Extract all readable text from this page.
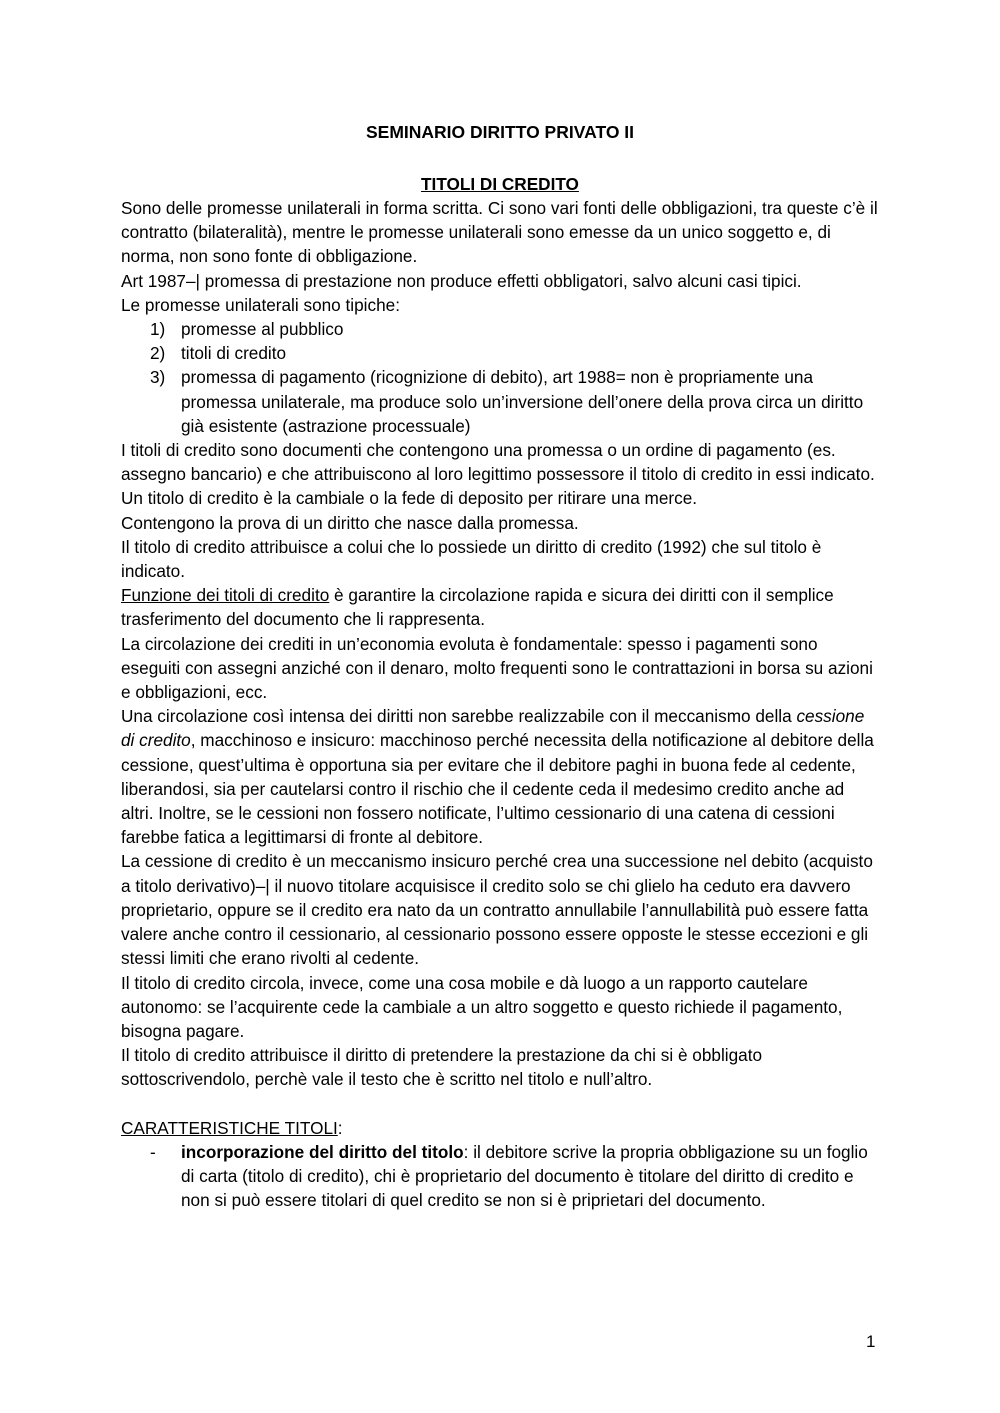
SEMINARIO DIRITTO PRIVATO II
TITOLI DI CREDITO

Sono delle promesse unilaterali in forma scritta. Ci sono vari fonti delle obbligazioni, tra queste c’è il contratto (bilateralità), mentre le promesse unilaterali sono emesse da un unico soggetto e, di norma, non sono fonte di obbligazione.

Art 1987–| promessa di prestazione non produce effetti obbligatori, salvo alcuni casi tipici.

Le promesse unilaterali sono tipiche:

1) promesse al pubblico
2) titoli di credito
3) promessa di pagamento (ricognizione di debito), art 1988= non è propriamente una promessa unilaterale, ma produce solo un’inversione dell’onere della prova circa un diritto già esistente (astrazione processuale)

I titoli di credito sono documenti che contengono una promessa o un ordine di pagamento (es. assegno bancario) e che attribuiscono al loro legittimo possessore il titolo di credito in essi indicato.

Un titolo di credito è la cambiale o la fede di deposito per ritirare una merce.

Contengono la prova di un diritto che nasce dalla promessa.

Il titolo di credito attribuisce a colui che lo possiede un diritto di credito (1992) che sul titolo è indicato.

Funzione dei titoli di credito è garantire la circolazione rapida e sicura dei diritti con il semplice trasferimento del documento che li rappresenta.

La circolazione dei crediti in un’economia evoluta è fondamentale: spesso i pagamenti sono eseguiti con assegni anziché con il denaro, molto frequenti sono le contrattazioni in borsa su azioni e obbligazioni, ecc.

Una circolazione così intensa dei diritti non sarebbe realizzabile con il meccanismo della cessione di credito, macchinoso e insicuro: macchinoso perché necessita della notificazione al debitore della cessione, quest’ultima è opportuna sia per evitare che il debitore paghi in buona fede al cedente, liberandosi, sia per cautelarsi contro il rischio che il cedente ceda il medesimo credito anche ad altri. Inoltre, se le cessioni non fossero notificate, l’ultimo cessionario di una catena di cessioni farebbe fatica a legittimarsi di fronte al debitore.

La cessione di credito è un meccanismo insicuro perché crea una successione nel debito (acquisto a titolo derivativo)–| il nuovo titolare acquisisce il credito solo se chi glielo ha ceduto era davvero proprietario, oppure se il credito era nato da un contratto annullabile l’annullabilità può essere fatta valere anche contro il cessionario, al cessionario possono essere opposte le stesse eccezioni e gli stessi limiti che erano rivolti al cedente.

Il titolo di credito circola, invece, come una cosa mobile e dà luogo a un rapporto cautelare autonomo: se l’acquirente cede la cambiale a un altro soggetto e questo richiede il pagamento, bisogna pagare.

Il titolo di credito attribuisce il diritto di pretendere la prestazione da chi si è obbligato sottoscrivendolo, perchè vale il testo che è scritto nel titolo e null’altro.

CARATTERISTICHE TITOLI:

- incorporazione del diritto del titolo: il debitore scrive la propria obbligazione su un foglio di carta (titolo di credito), chi è proprietario del documento è titolare del diritto di credito e non si può essere titolari di quel credito se non si è pripriet​ari del documento.
1
